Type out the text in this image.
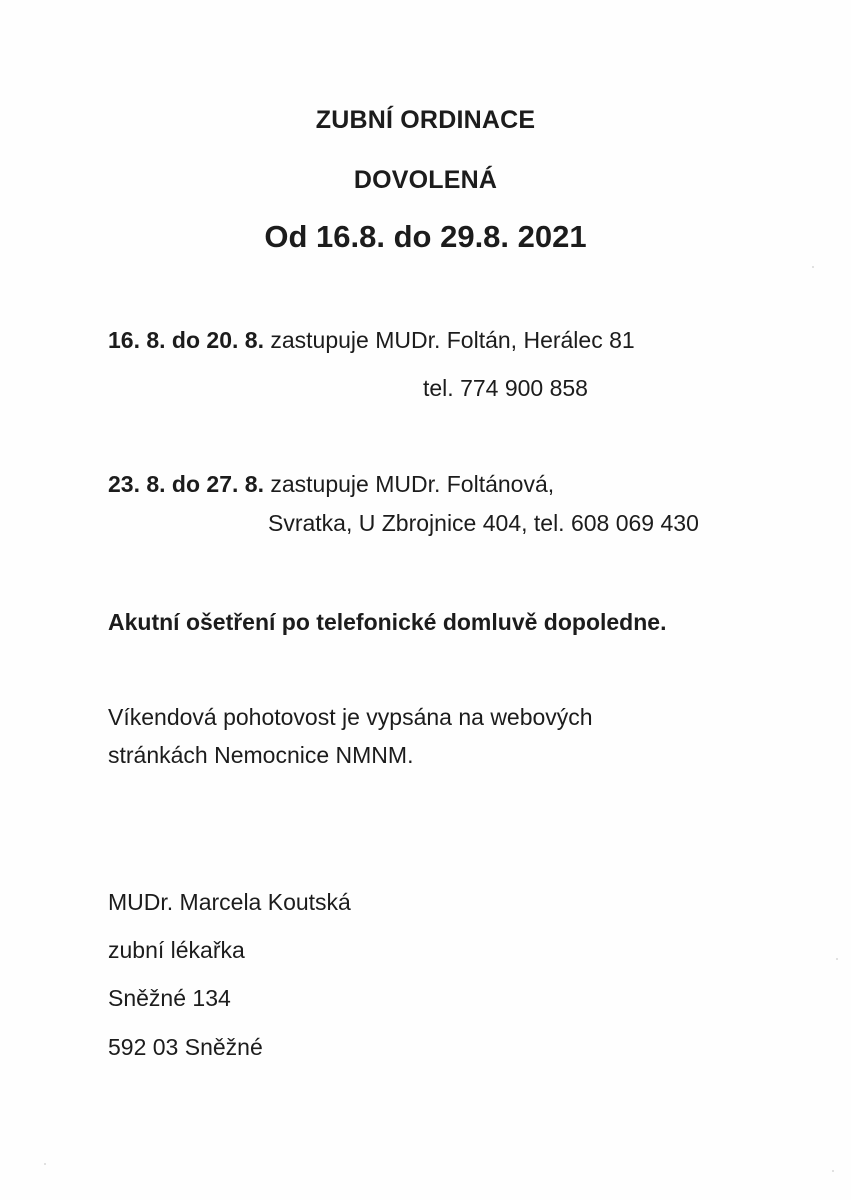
ZUBNÍ ORDINACE
DOVOLENÁ
Od 16.8. do 29.8. 2021
16. 8. do 20. 8. zastupuje MUDr. Foltán, Herálec 81
tel. 774 900 858
23. 8. do 27. 8. zastupuje MUDr. Foltánová,
Svratka, U Zbrojnice 404, tel. 608 069 430
Akutní ošetření po telefonické domluvě dopoledne.
Víkendová pohotovost je vypsána na webových
stránkách Nemocnice NMNM.
MUDr. Marcela Koutská
zubní lékařka
Sněžné 134
592 03 Sněžné
